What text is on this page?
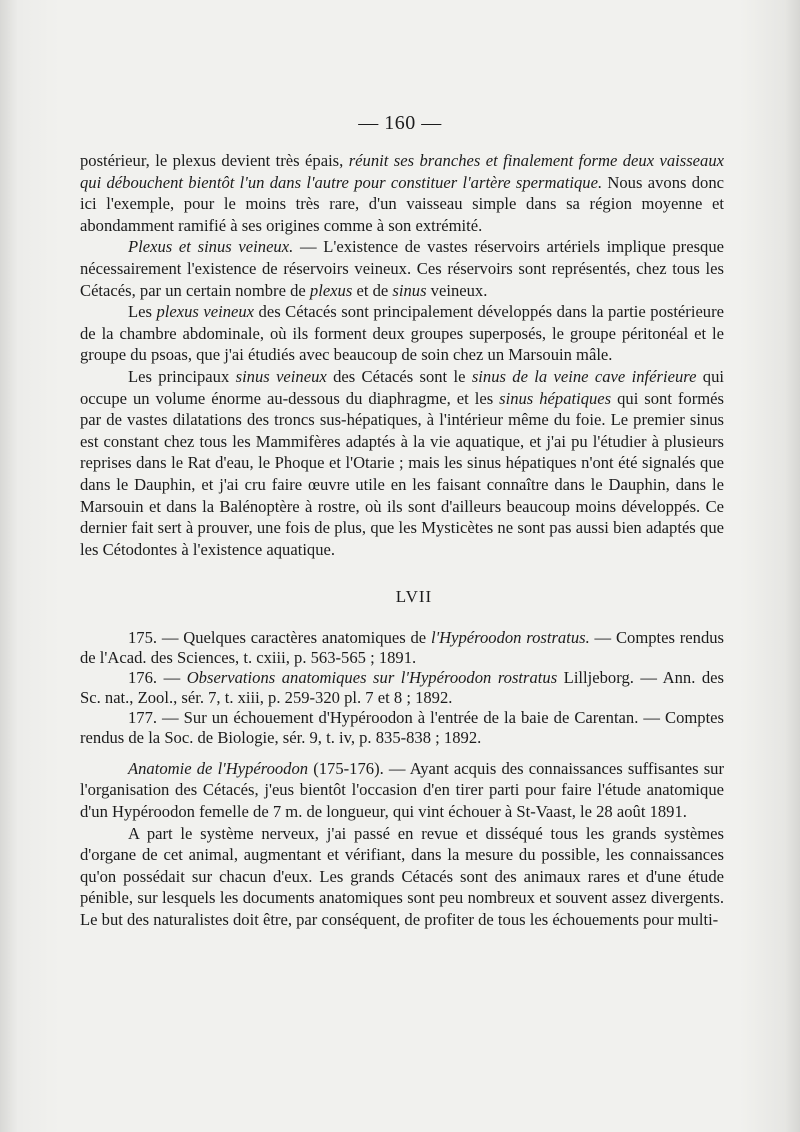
— 160 —

postérieur, le plexus devient très épais, réunit ses branches et finalement forme deux vaisseaux qui débouchent bientôt l'un dans l'autre pour constituer l'artère spermatique. Nous avons donc ici l'exemple, pour le moins très rare, d'un vaisseau simple dans sa région moyenne et abondamment ramifié à ses origines comme à son extrémité.

Plexus et sinus veineux. — L'existence de vastes réservoirs artériels implique presque nécessairement l'existence de réservoirs veineux. Ces réservoirs sont représentés, chez tous les Cétacés, par un certain nombre de plexus et de sinus veineux.

Les plexus veineux des Cétacés sont principalement développés dans la partie postérieure de la chambre abdominale, où ils forment deux groupes superposés, le groupe péritonéal et le groupe du psoas, que j'ai étudiés avec beaucoup de soin chez un Marsouin mâle.

Les principaux sinus veineux des Cétacés sont le sinus de la veine cave inférieure qui occupe un volume énorme au-dessous du diaphragme, et les sinus hépatiques qui sont formés par de vastes dilatations des troncs sus-hépatiques, à l'intérieur même du foie. Le premier sinus est constant chez tous les Mammifères adaptés à la vie aquatique, et j'ai pu l'étudier à plusieurs reprises dans le Rat d'eau, le Phoque et l'Otarie ; mais les sinus hépatiques n'ont été signalés que dans le Dauphin, et j'ai cru faire œuvre utile en les faisant connaître dans le Dauphin, dans le Marsouin et dans la Balénoptère à rostre, où ils sont d'ailleurs beaucoup moins développés. Ce dernier fait sert à prouver, une fois de plus, que les Mysticètes ne sont pas aussi bien adaptés que les Cétodontes à l'existence aquatique.

LVII

175. — Quelques caractères anatomiques de l'Hypéroodon rostratus. — Comptes rendus de l'Acad. des Sciences, t. cxiii, p. 563-565 ; 1891.

176. — Observations anatomiques sur l'Hypéroodon rostratus Lilljeborg. — Ann. des Sc. nat., Zool., sér. 7, t. xiii, p. 259-320 pl. 7 et 8 ; 1892.

177. — Sur un échouement d'Hypéroodon à l'entrée de la baie de Carentan. — Comptes rendus de la Soc. de Biologie, sér. 9, t. iv, p. 835-838 ; 1892.

Anatomie de l'Hypéroodon (175-176). — Ayant acquis des connaissances suffisantes sur l'organisation des Cétacés, j'eus bientôt l'occasion d'en tirer parti pour faire l'étude anatomique d'un Hypéroodon femelle de 7 m. de longueur, qui vint échouer à St-Vaast, le 28 août 1891.

A part le système nerveux, j'ai passé en revue et disséqué tous les grands systèmes d'organe de cet animal, augmentant et vérifiant, dans la mesure du possible, les connaissances qu'on possédait sur chacun d'eux. Les grands Cétacés sont des animaux rares et d'une étude pénible, sur lesquels les documents anatomiques sont peu nombreux et souvent assez divergents. Le but des naturalistes doit être, par conséquent, de profiter de tous les échouements pour multi-
